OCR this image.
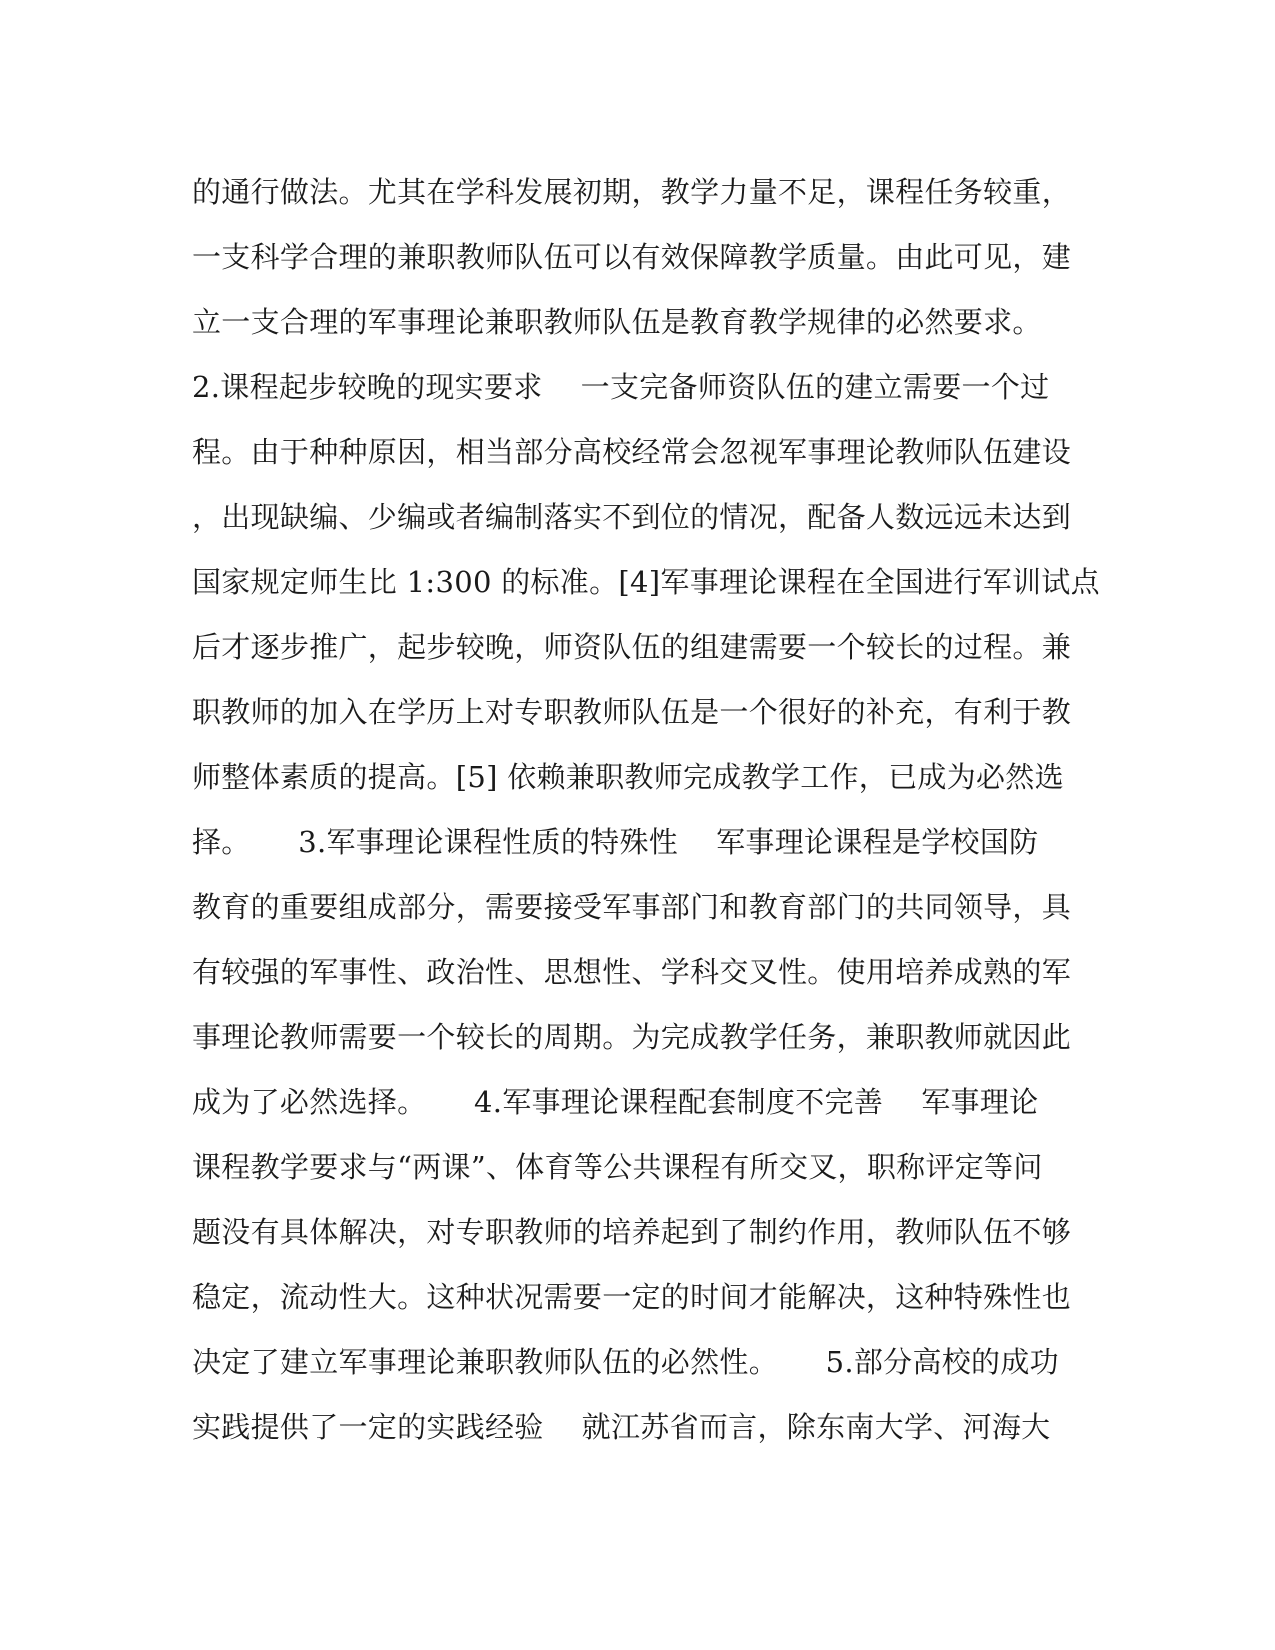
的通行做法。尤其在学科发展初期，教学力量不足，课程任务较重，
一支科学合理的兼职教师队伍可以有效保障教学质量。由此可见，建
立一支合理的军事理论兼职教师队伍是教育教学规律的必然要求。
2.课程起步较晚的现实要求    一支完备师资队伍的建立需要一个过
程。由于种种原因，相当部分高校经常会忽视军事理论教师队伍建设
，出现缺编、少编或者编制落实不到位的情况，配备人数远远未达到
国家规定师生比 1:300 的标准。[4]军事理论课程在全国进行军训试点
后才逐步推广，起步较晚，师资队伍的组建需要一个较长的过程。兼
职教师的加入在学历上对专职教师队伍是一个很好的补充，有利于教
师整体素质的提高。[5] 依赖兼职教师完成教学工作，已成为必然选
择。     3.军事理论课程性质的特殊性    军事理论课程是学校国防
教育的重要组成部分，需要接受军事部门和教育部门的共同领导，具
有较强的军事性、政治性、思想性、学科交叉性。使用培养成熟的军
事理论教师需要一个较长的周期。为完成教学任务，兼职教师就因此
成为了必然选择。     4.军事理论课程配套制度不完善    军事理论
课程教学要求与“两课”、体育等公共课程有所交叉，职称评定等问
题没有具体解决，对专职教师的培养起到了制约作用，教师队伍不够
稳定，流动性大。这种状况需要一定的时间才能解决，这种特殊性也
决定了建立军事理论兼职教师队伍的必然性。     5.部分高校的成功
实践提供了一定的实践经验    就江苏省而言，除东南大学、河海大
